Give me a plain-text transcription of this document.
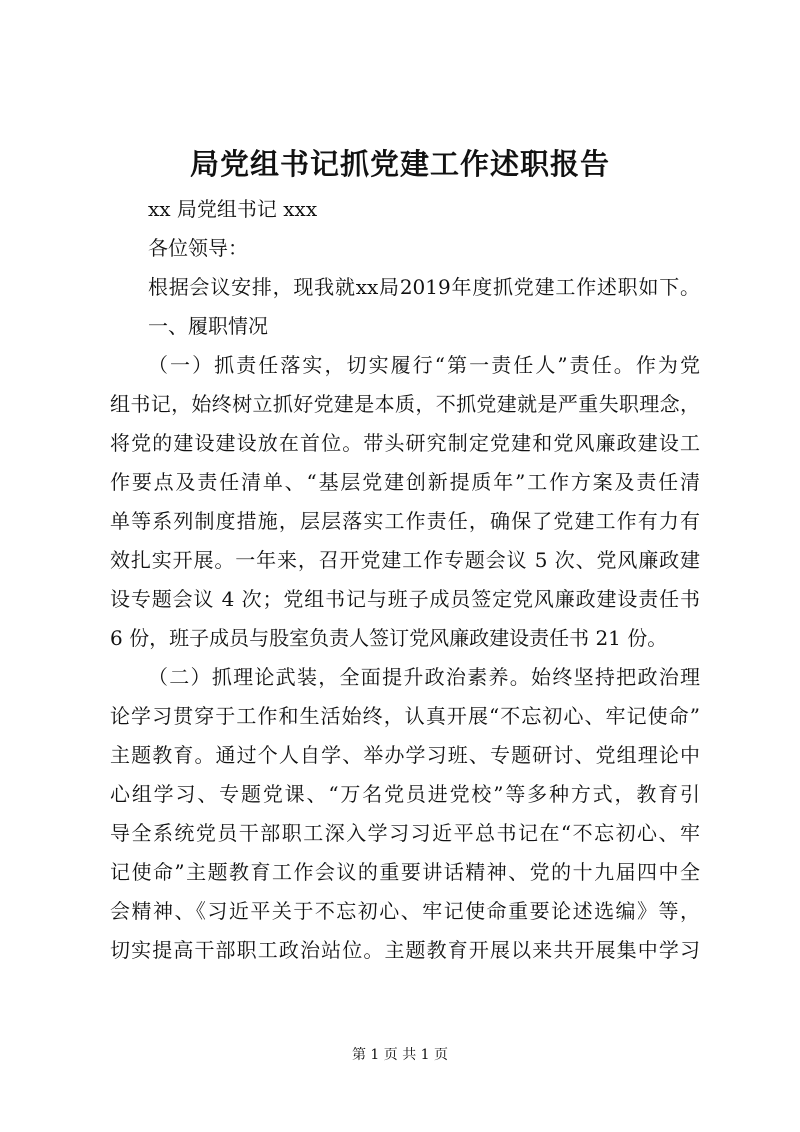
局党组书记抓党建工作述职报告

xx 局党组书记 xxx

各位领导：

根据会议安排，现我就xx局2019年度抓党建工作述职如下。

一、履职情况

（一）抓责任落实，切实履行“第一责任人”责任。作为党

组书记，始终树立抓好党建是本质，不抓党建就是严重失职理念，

将党的建设建设放在首位。带头研究制定党建和党风廉政建设工

作要点及责任清单、“基层党建创新提质年”工作方案及责任清

单等系列制度措施，层层落实工作责任，确保了党建工作有力有

效扎实开展。一年来，召开党建工作专题会议 5 次、党风廉政建

设专题会议 4 次；党组书记与班子成员签定党风廉政建设责任书

6 份，班子成员与股室负责人签订党风廉政建设责任书 21 份。

（二）抓理论武装，全面提升政治素养。始终坚持把政治理

论学习贯穿于工作和生活始终，认真开展“不忘初心、牢记使命”

主题教育。通过个人自学、举办学习班、专题研讨、党组理论中

心组学习、专题党课、“万名党员进党校”等多种方式，教育引

导全系统党员干部职工深入学习习近平总书记在“不忘初心、牢

记使命”主题教育工作会议的重要讲话精神、党的十九届四中全

会精神、《习近平关于不忘初心、牢记使命重要论述选编》等，

切实提高干部职工政治站位。主题教育开展以来共开展集中学习

第 1 页 共 1 页
